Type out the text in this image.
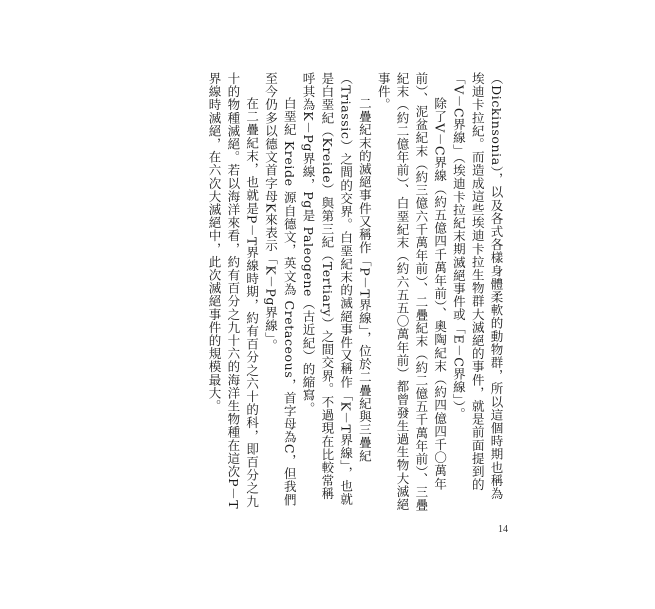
（Dickinsonia），以及各式各樣身體柔軟的動物群，所以這個時期也稱為埃迪卡拉紀。而造成這些埃迪卡拉生物群大滅絕的事件，就是前面提到的「V－C界線」（埃迪卡拉紀末期滅絕事件或「E－C界線」）。

除了V－C界線（約五億四千萬年前）、奧陶紀末（約四億四千〇萬年前）、泥盆紀末（約三億六千萬年前）、二疊紀末（約二億五千萬年前）、三疊紀末（約二億年前）、白堊紀末（約六五五〇萬年前）都曾發生過生物大滅絕事件。

二疊紀末的滅絕事件又稱作「P－T界線」，位於二疊紀與三疊紀（Triassic）之間的交界。白堊紀末的滅絕事件又稱作「K－T界線」，也就是白堊紀（Kreide）與第三紀（Tertiary）之間交界。不過現在比較常稱呼其為K－Pg界線，Pg是 Paleogene（古近紀）的縮寫。

白堊紀 Kreide 源自德文，英文為 Cretaceous，首字母為C，但我們至今仍多以德文首字母K來表示「K－Pg界線」。

在二疊紀末，也就是P－T界線時期，約有百分之六十的科，即百分之九十的物種滅絕。若以海洋來看，約有百分之九十六的海洋生物種在這次P－T界線時滅絕，在六次大滅絕中，此次滅絕事件的規模最大。

14
